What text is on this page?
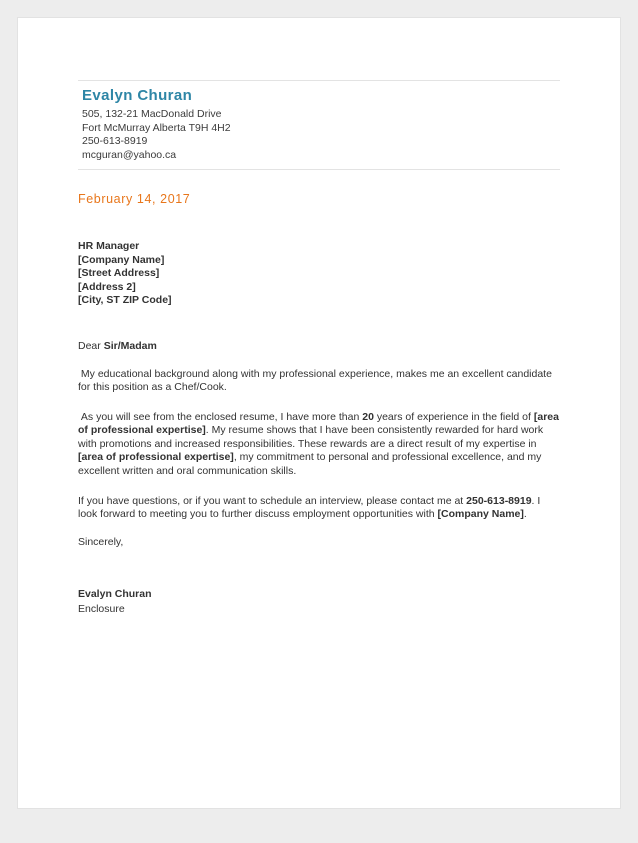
Evalyn Churan
505, 132-21 MacDonald Drive
Fort McMurray Alberta T9H 4H2
250-613-8919
mcguran@yahoo.ca
February 14, 2017
HR Manager
[Company Name]
[Street Address]
[Address 2]
[City, ST ZIP Code]

Dear Sir/Madam

My educational background along with my professional experience, makes me an excellent candidate for this position as a Chef/Cook.

As you will see from the enclosed resume, I have more than 20 years of experience in the field of [area of professional expertise]. My resume shows that I have been consistently rewarded for hard work with promotions and increased responsibilities. These rewards are a direct result of my expertise in [area of professional expertise], my commitment to personal and professional excellence, and my excellent written and oral communication skills.

If you have questions, or if you want to schedule an interview, please contact me at 250-613-8919. I look forward to meeting you to further discuss employment opportunities with [Company Name].

Sincerely,

Evalyn Churan
Enclosure
